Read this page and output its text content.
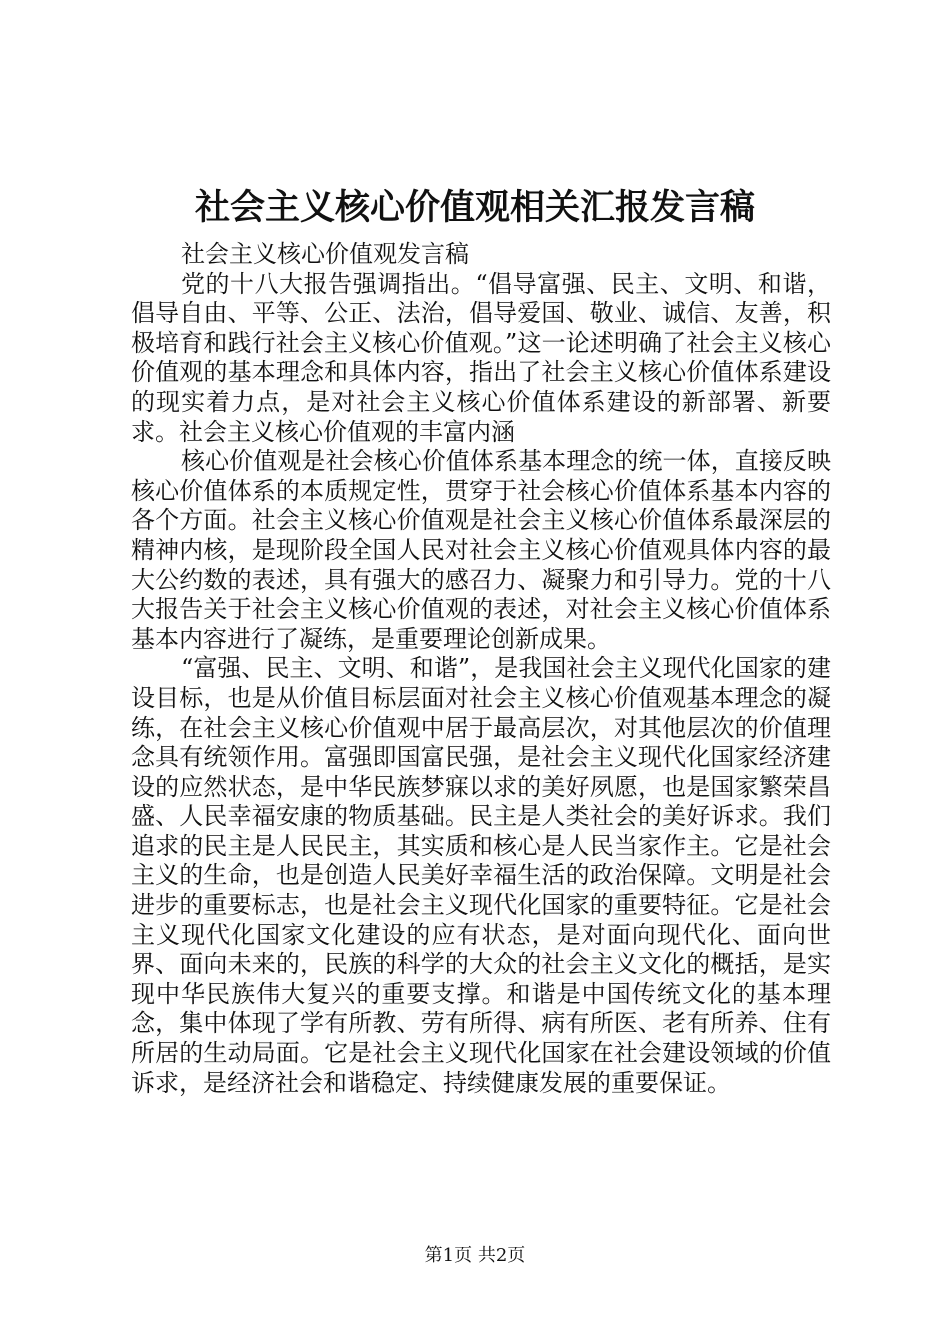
社会主义核心价值观相关汇报发言稿

社会主义核心价值观发言稿

党的十八大报告强调指出。“倡导富强、民主、文明、和谐，倡导自由、平等、公正、法治，倡导爱国、敬业、诚信、友善，积极培育和践行社会主义核心价值观。”这一论述明确了社会主义核心价值观的基本理念和具体内容，指出了社会主义核心价值体系建设的现实着力点，是对社会主义核心价值体系建设的新部署、新要求。社会主义核心价值观的丰富内涵

核心价值观是社会核心价值体系基本理念的统一体，直接反映核心价值体系的本质规定性，贯穿于社会核心价值体系基本内容的各个方面。社会主义核心价值观是社会主义核心价值体系最深层的精神内核，是现阶段全国人民对社会主义核心价值观具体内容的最大公约数的表述，具有强大的感召力、凝聚力和引导力。党的十八大报告关于社会主义核心价值观的表述，对社会主义核心价值体系基本内容进行了凝练，是重要理论创新成果。

“富强、民主、文明、和谐”，是我国社会主义现代化国家的建设目标，也是从价值目标层面对社会主义核心价值观基本理念的凝练，在社会主义核心价值观中居于最高层次，对其他层次的价值理念具有统领作用。富强即国富民强，是社会主义现代化国家经济建设的应然状态，是中华民族梦寐以求的美好夙愿，也是国家繁荣昌盛、人民幸福安康的物质基础。民主是人类社会的美好诉求。我们追求的民主是人民民主，其实质和核心是人民当家作主。它是社会主义的生命，也是创造人民美好幸福生活的政治保障。文明是社会进步的重要标志，也是社会主义现代化国家的重要特征。它是社会主义现代化国家文化建设的应有状态，是对面向现代化、面向世界、面向未来的，民族的科学的大众的社会主义文化的概括，是实现中华民族伟大复兴的重要支撑。和谐是中国传统文化的基本理念，集中体现了学有所教、劳有所得、病有所医、老有所养、住有所居的生动局面。它是社会主义现代化国家在社会建设领域的价值诉求，是经济社会和谐稳定、持续健康发展的重要保证。

第1页 共2页
